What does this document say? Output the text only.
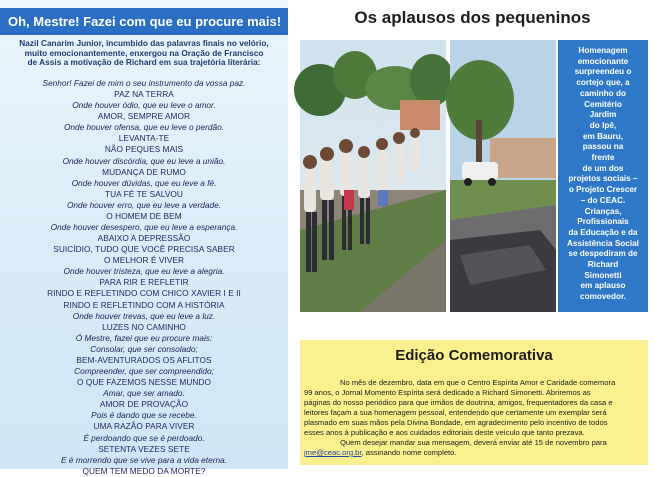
Oh, Mestre! Fazei com que eu procure mais!
Nazil Canarim Junior, incumbido das palavras finais no velório,
muito emocionantemente, enxergou na Oração de Francisco
de Assis a motivação de Richard em sua trajetória literária:
Senhor! Fazei de mim o seu instrumento da vossa paz.
PAZ NA TERRA
Onde houver ódio, que eu leve o amor.
AMOR, SEMPRE AMOR
Onde houver ofensa, que eu leve o perdão.
LEVANTA-TE
NÃO PEQUES MAIS
Onde houver discórdia, que eu leve a união.
MUDANÇA DE RUMO
Onde houver dúvidas, que eu leve a fé.
TUA FÉ TE SALVOU
Onde houver erro, que eu leve a verdade.
O HOMEM DE BEM
Onde houver desespero, que eu leve a esperança.
ABAIXO A DEPRESSÃO
SUICÍDIO, TUDO QUE VOCÊ PRECISA SABER
O MELHOR É VIVER
Onde houver tristeza, que eu leve a alegria.
PARA RIR E REFLETIR
RINDO E REFLETINDO COM CHICO XAVIER I E II
RINDO E REFLETINDO COM A HISTÓRIA
Onde houver trevas, que eu leve a luz.
LUZES NO CAMINHO
Ó Mestre, fazei que eu procure mais:
Consolar, que ser consolado;
BEM-AVENTURADOS OS AFLITOS
Compreender, que ser compreendido;
O QUE FAZEMOS NESSE MUNDO
Amar, que ser amado.
AMOR DE PROVAÇÃO
Pois é dando que se recebe.
UMA RAZÃO PARA VIVER
É perdoando que se é perdoado.
SETENTA VEZES SETE
E é morrendo que se vive para a vida eterna.
QUEM TEM MEDO DA MORTE?
Os aplausos dos pequeninos
Homenagem
emocionante
surpreendeu o
cortejo que, a
caminho do
Cemitério
Jardim
do Ipê,
em Bauru,
passou na
frente
de um dos
projetos sociais –
o Projeto Crescer
– do CEAC.
Crianças,
Profissionais
da Educação e da
Assistência Social
se despediram de
Richard
Simonetti
em aplauso
comovedor.
Edição Comemorativa
No mês de dezembro, data em que o Centro Espírita Amor e Caridade comemora
99 anos, o Jornal Momento Espírita será dedicado a Richard Simonetti. Abriremos as
páginas do nosso periódico para que irmãos de doutrina, amigos, frequentadores da casa e
leitores façam a sua homenagem pessoal, entendendo que certamente um exemplar será
plasmado em suas mãos pela Divina Bondade, em agradecimento pelo incentivo de todos
esses anos à publicação e aos cuidados editoriais deste veículo que tanto prezava.
Quem desejar mandar sua mensagem, deverá enviar até 15 de novembro para
jme@ceac.org.br, assinando nome completo.
